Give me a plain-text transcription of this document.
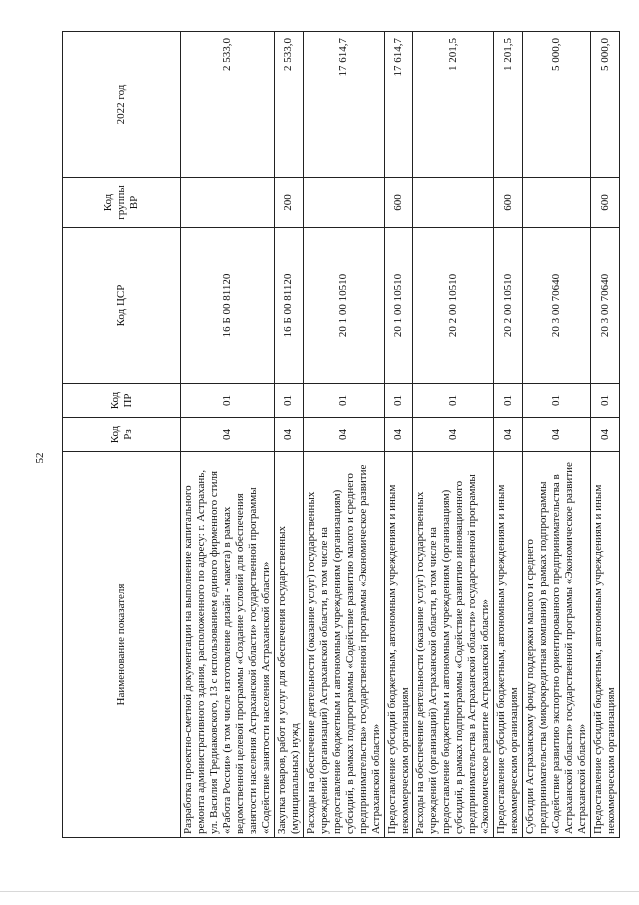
52
Наименование показателя	Код Рз	Код ПР	Код ЦСР	Код группы ВР	2022 год
Разработка проектно-сметной документации на выполнение капитального ремонта административного здания, расположенного по адресу: г. Астрахань, ул. Василия Тредиаковского, 13 с использованием единого фирменного стиля «Работа России» (в том числе изготовление дизайн - макета) в рамках ведомственной целевой программы «Создание условий для обеспечения занятости населения Астраханской области» государственной программы «Содействие занятости населения Астраханской области»	04	01	16 Б 00 81120		2 533,0
Закупка товаров, работ и услуг для обеспечения государственных (муниципальных) нужд	04	01	16 Б 00 81120	200	2 533,0
Расходы на обеспечение деятельности (оказание услуг) государственных учреждений (организаций) Астраханской области, в том числе на предоставление бюджетным и автономным учреждениям (организациям) субсидий, в рамках подпрограммы «Содействие развитию малого и среднего предпринимательства» государственной программы «Экономическое развитие Астраханской области»	04	01	20 1 00 10510		17 614,7
Предоставление субсидий бюджетным, автономным учреждениям и иным некоммерческим организациям	04	01	20 1 00 10510	600	17 614,7
Расходы на обеспечение деятельности (оказание услуг) государственных учреждений (организаций) Астраханской области, в том числе на предоставление бюджетным и автономным учреждениям (организациям) субсидий, в рамках подпрограммы «Содействие развитию инновационного предпринимательства в Астраханской области» государственной программы «Экономическое развитие Астраханской области»	04	01	20 2 00 10510		1 201,5
Предоставление субсидий бюджетным, автономным учреждениям и иным некоммерческим организациям	04	01	20 2 00 10510	600	1 201,5
Субсидии Астраханскому фонду поддержки малого и среднего предпринимательства (микрокредитная компания) в рамках подпрограммы «Содействие развитию экспортно ориентированного предпринимательства в Астраханской области» государственной программы «Экономическое развитие Астраханской области»	04	01	20 3 00 70640		5 000,0
Предоставление субсидий бюджетным, автономным учреждениям и иным некоммерческим организациям	04	01	20 3 00 70640	600	5 000,0
